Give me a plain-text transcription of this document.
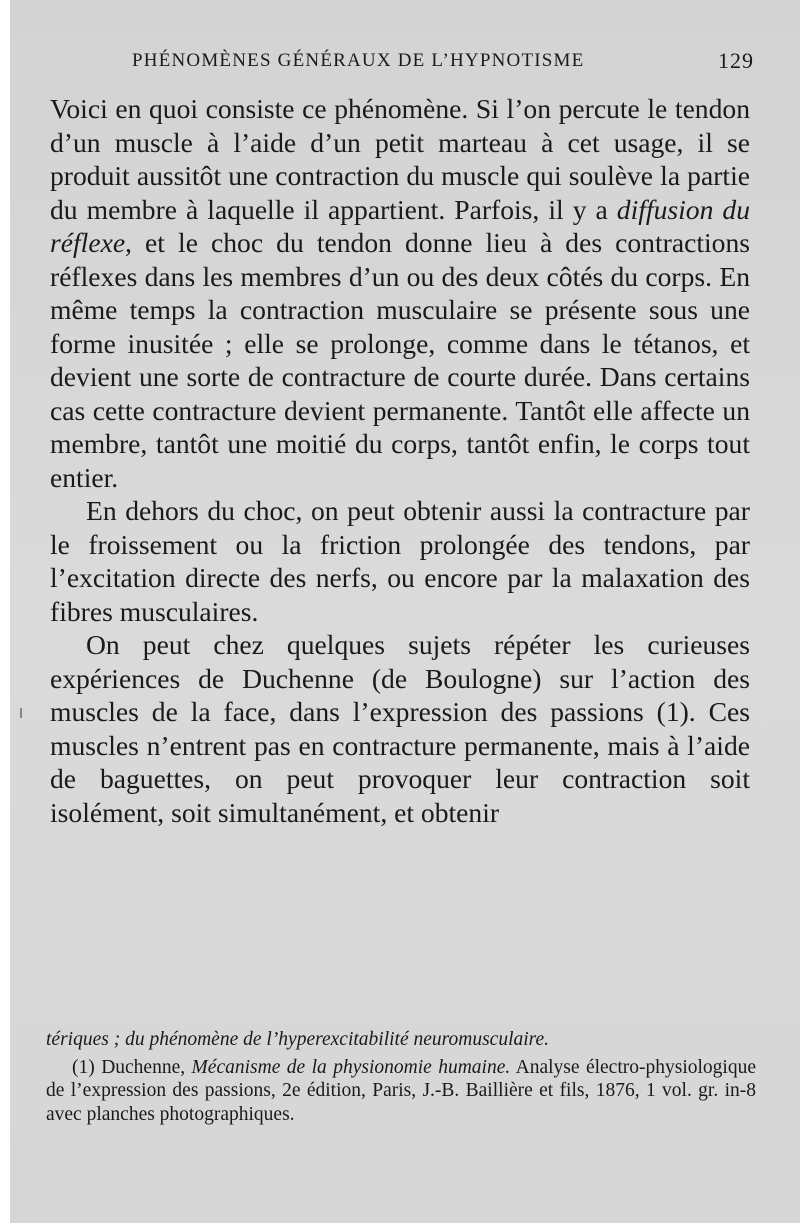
PHÉNOMÈNES GÉNÉRAUX DE L’HYPNOTISME	129

Voici en quoi consiste ce phénomène. Si l’on percute le tendon d’un muscle à l’aide d’un petit marteau à cet usage, il se produit aussitôt une contraction du muscle qui soulève la partie du membre à laquelle il appartient. Parfois, il y a diffusion du réflexe, et le choc du tendon donne lieu à des contractions réflexes dans les membres d’un ou des deux côtés du corps. En même temps la contraction musculaire se présente sous une forme inusitée ; elle se prolonge, comme dans le tétanos, et devient une sorte de contracture de courte durée. Dans certains cas cette contracture devient permanente. Tantôt elle affecte un membre, tantôt une moitié du corps, tantôt enfin, le corps tout entier.

En dehors du choc, on peut obtenir aussi la contracture par le froissement ou la friction prolongée des tendons, par l’excitation directe des nerfs, ou encore par la malaxation des fibres musculaires.

On peut chez quelques sujets répéter les curieuses expériences de Duchenne (de Boulogne) sur l’action des muscles de la face, dans l’expression des passions (1). Ces muscles n’entrent pas en contracture permanente, mais à l’aide de baguettes, on peut provoquer leur contraction soit isolément, soit simultanément, et obtenir

tériques ; du phénomène de l’hyperexcitabilité neuromusculaire.

(1) Duchenne, Mécanisme de la physionomie humaine. Analyse électro-physiologique de l’expression des passions, 2e édition, Paris, J.-B. Baillière et fils, 1876, 1 vol. gr. in-8 avec planches photographiques.
